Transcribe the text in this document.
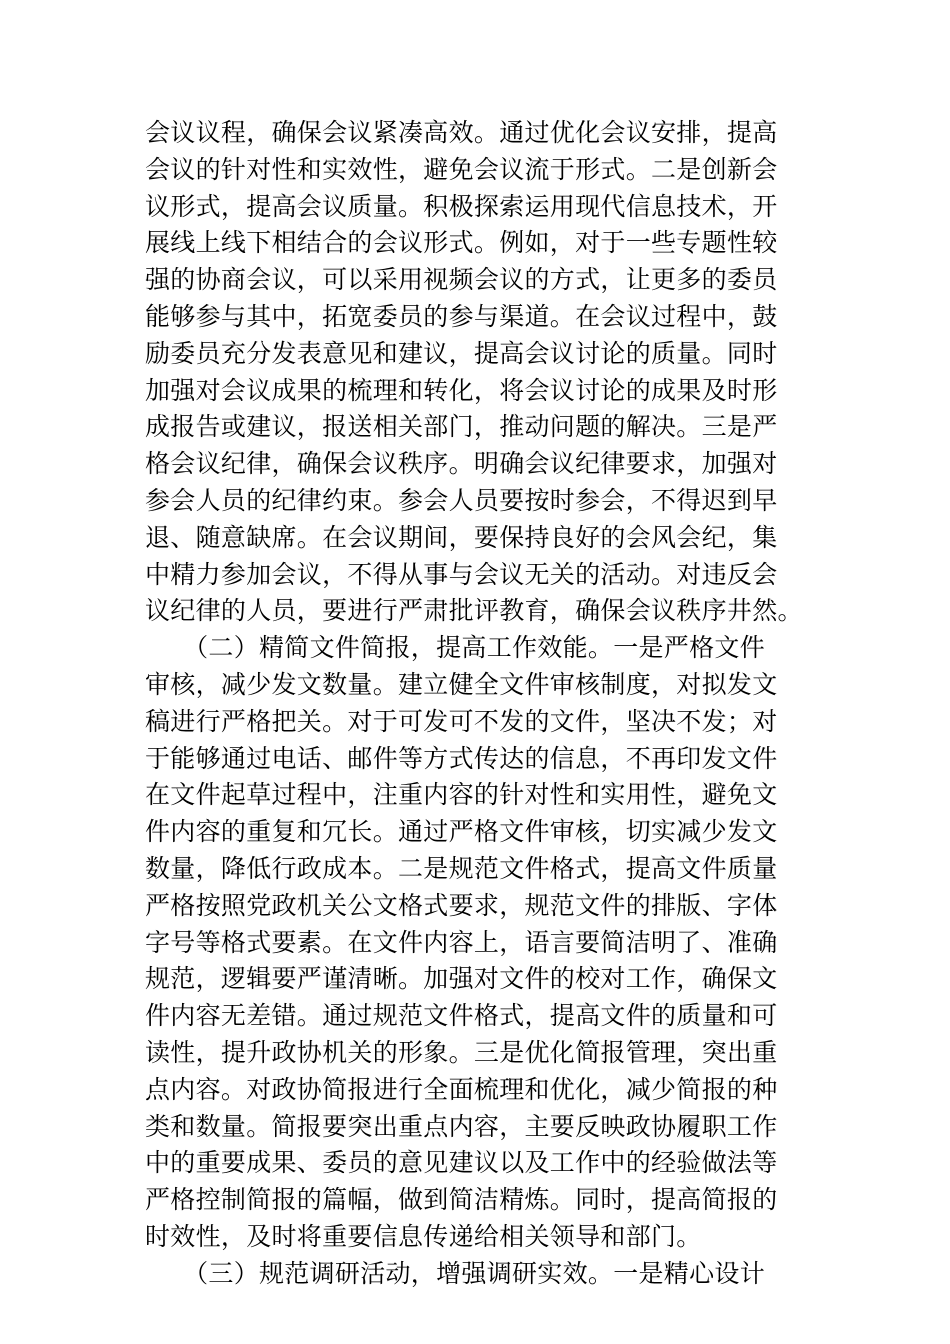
会议议程，确保会议紧凑高效。通过优化会议安排，提高
会议的针对性和实效性，避免会议流于形式。二是创新会
议形式，提高会议质量。积极探索运用现代信息技术，开
展线上线下相结合的会议形式。例如，对于一些专题性较
强的协商会议，可以采用视频会议的方式，让更多的委员
能够参与其中，拓宽委员的参与渠道。在会议过程中，鼓
励委员充分发表意见和建议，提高会议讨论的质量。同时
加强对会议成果的梳理和转化，将会议讨论的成果及时形
成报告或建议，报送相关部门，推动问题的解决。三是严
格会议纪律，确保会议秩序。明确会议纪律要求，加强对
参会人员的纪律约束。参会人员要按时参会，不得迟到早
退、随意缺席。在会议期间，要保持良好的会风会纪，集
中精力参加会议，不得从事与会议无关的活动。对违反会
议纪律的人员，要进行严肃批评教育，确保会议秩序井然。
　　（二）精简文件简报，提高工作效能。一是严格文件
审核，减少发文数量。建立健全文件审核制度，对拟发文
稿进行严格把关。对于可发可不发的文件，坚决不发；对
于能够通过电话、邮件等方式传达的信息，不再印发文件
在文件起草过程中，注重内容的针对性和实用性，避免文
件内容的重复和冗长。通过严格文件审核，切实减少发文
数量，降低行政成本。二是规范文件格式，提高文件质量
严格按照党政机关公文格式要求，规范文件的排版、字体
字号等格式要素。在文件内容上，语言要简洁明了、准确
规范，逻辑要严谨清晰。加强对文件的校对工作，确保文
件内容无差错。通过规范文件格式，提高文件的质量和可
读性，提升政协机关的形象。三是优化简报管理，突出重
点内容。对政协简报进行全面梳理和优化，减少简报的种
类和数量。简报要突出重点内容，主要反映政协履职工作
中的重要成果、委员的意见建议以及工作中的经验做法等
严格控制简报的篇幅，做到简洁精炼。同时，提高简报的
时效性，及时将重要信息传递给相关领导和部门。
　　（三）规范调研活动，增强调研实效。一是精心设计
